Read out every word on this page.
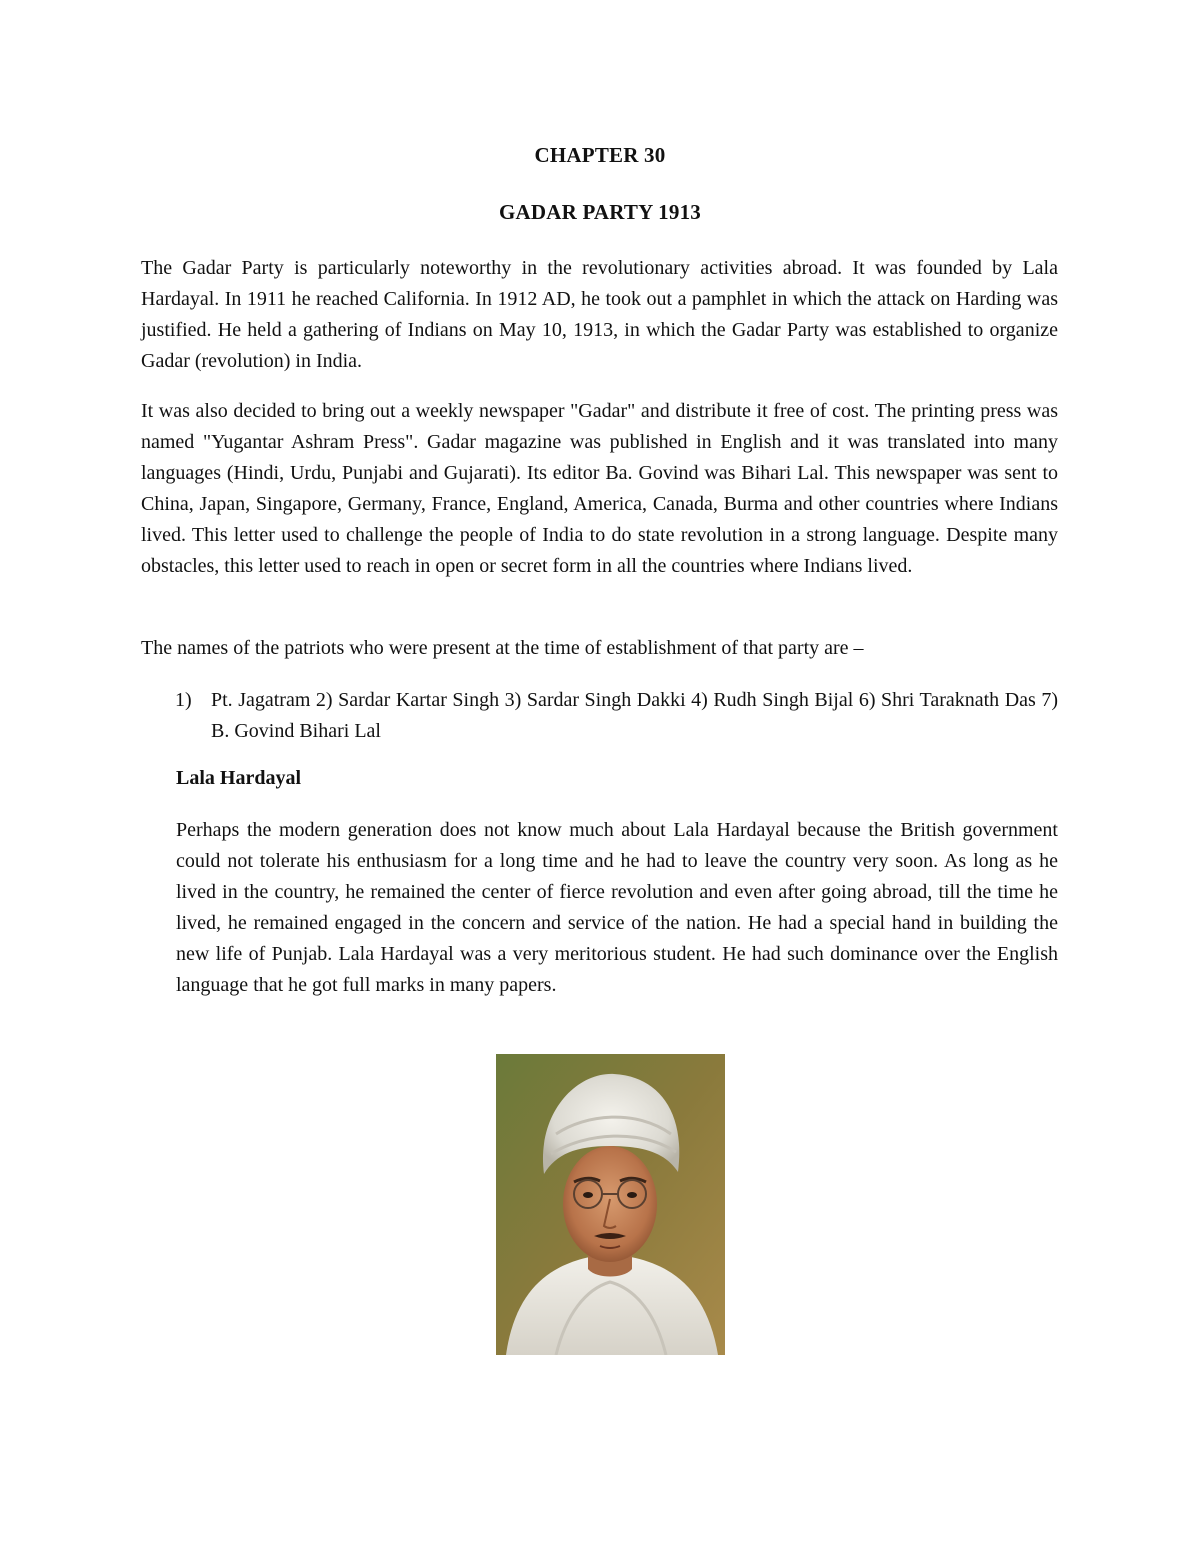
CHAPTER 30
GADAR PARTY 1913

The Gadar Party is particularly noteworthy in the revolutionary activities abroad. It was founded by Lala Hardayal. In 1911 he reached California. In 1912 AD, he took out a pamphlet in which the attack on Harding was justified. He held a gathering of Indians on May 10, 1913, in which the Gadar Party was established to organize Gadar (revolution) in India.

It was also decided to bring out a weekly newspaper "Gadar" and distribute it free of cost. The printing press was named "Yugantar Ashram Press". Gadar magazine was published in English and it was translated into many languages (Hindi, Urdu, Punjabi and Gujarati). Its editor Ba. Govind was Bihari Lal. This newspaper was sent to China, Japan, Singapore, Germany, France, England, America, Canada, Burma and other countries where Indians lived. This letter used to challenge the people of India to do state revolution in a strong language. Despite many obstacles, this letter used to reach in open or secret form in all the countries where Indians lived.

The names of the patriots who were present at the time of establishment of that party are –

1) Pt. Jagatram 2) Sardar Kartar Singh 3) Sardar Singh Dakki 4) Rudh Singh Bijal 6) Shri Taraknath Das 7) B. Govind Bihari Lal
Lala Hardayal

Perhaps the modern generation does not know much about Lala Hardayal because the British government could not tolerate his enthusiasm for a long time and he had to leave the country very soon. As long as he lived in the country, he remained the center of fierce revolution and even after going abroad, till the time he lived, he remained engaged in the concern and service of the nation. He had a special hand in building the new life of Punjab. Lala Hardayal was a very meritorious student. He had such dominance over the English language that he got full marks in many papers.
